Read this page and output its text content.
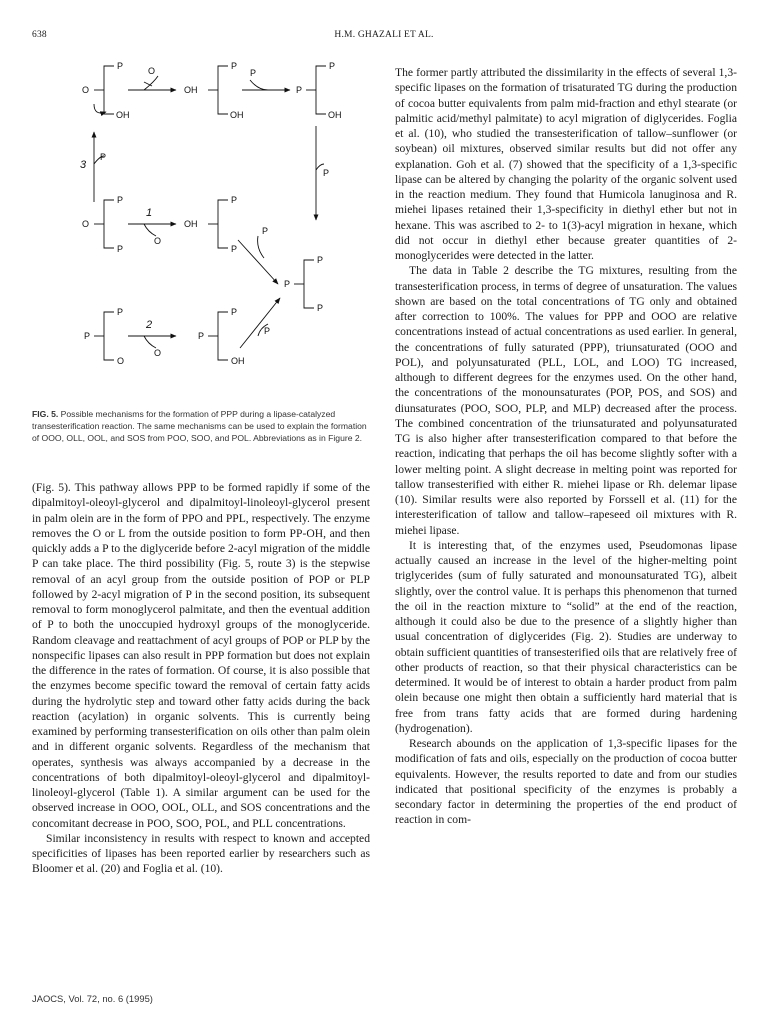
638	H.M. GHAZALI ET AL.
P
O
OH
O	P
OH
OH
P
P
P
OH
3
P
P
P
O
P
1
O
P
OH
P
P
P
P
P
P
P
O
2
O
P
P
OH
P
FIG. 5. Possible mechanisms for the formation of PPP during a lipase-catalyzed transesterification reaction. The same mechanisms can be used to explain the formation of OOO, OLL, OOL, and SOS from POO, SOO, and POL. Abbreviations as in Figure 2.

(Fig. 5). This pathway allows PPP to be formed rapidly if some of the dipalmitoyl-oleoyl-glycerol and dipalmitoyl-linoleoyl-glycerol present in palm olein are in the form of PPO and PPL, respectively. The enzyme removes the O or L from the outside position to form PP-OH, and then quickly adds a P to the diglyceride before 2-acyl migration of the middle P can take place. The third possibility (Fig. 5, route 3) is the stepwise removal of an acyl group from the outside position of POP or PLP followed by 2-acyl migration of P in the second position, its subsequent removal to form monoglycerol palmitate, and then the eventual addition of P to both the unoccupied hydroxyl groups of the monoglyceride. Random cleavage and reattachment of acyl groups of POP or PLP by the nonspecific lipases can also result in PPP formation but does not explain the difference in the rates of formation. Of course, it is also possible that the enzymes become specific toward the removal of certain fatty acids during the hydrolytic step and toward other fatty acids during the back reaction (acylation) in organic solvents. This is currently being examined by performing transesterification on oils other than palm olein and in different organic solvents. Regardless of the mechanism that operates, synthesis was always accompanied by a decrease in the concentrations of both dipalmitoyl-oleoyl-glycerol and dipalmitoyl-linoleoyl-glycerol (Table 1). A similar argument can be used for the observed increase in OOO, OOL, OLL, and SOS concentrations and the concomitant decrease in POO, SOO, POL, and PLL concentrations.

Similar inconsistency in results with respect to known and accepted specificities of lipases has been reported earlier by researchers such as Bloomer et al. (20) and Foglia et al. (10).

The former partly attributed the dissimilarity in the effects of several 1,3-specific lipases on the formation of trisaturated TG during the production of cocoa butter equivalents from palm mid-fraction and ethyl stearate (or palmitic acid/methyl palmitate) to acyl migration of diglycerides. Foglia et al. (10), who studied the transesterification of tallow–sunflower (or soybean) oil mixtures, observed similar results but did not offer any explanation. Goh et al. (7) showed that the specificity of a 1,3-specific lipase can be altered by changing the polarity of the organic solvent used in the reaction medium. They found that Humicola lanuginosa and R. miehei lipases retained their 1,3-specificity in diethyl ether but not in hexane. This was ascribed to 2- to 1(3)-acyl migration in hexane, which did not occur in diethyl ether because greater quantities of 2-monoglycerides were detected in the latter.

The data in Table 2 describe the TG mixtures, resulting from the transesterification process, in terms of degree of unsaturation. The values shown are based on the total concentrations of TG only and obtained after correction to 100%. The values for PPP and OOO are relative concentrations instead of actual concentrations as used earlier. In general, the concentrations of fully saturated (PPP), triunsaturated (OOO and POL), and polyunsaturated (PLL, LOL, and LOO) TG increased, although to different degrees for the enzymes used. On the other hand, the concentrations of the monounsaturates (POP, POS, and SOS) and diunsaturates (POO, SOO, PLP, and MLP) decreased after the process. The combined concentration of the triunsaturated and polyunsaturated TG is also higher after transesterification compared to that before the reaction, indicating that perhaps the oil has become slightly softer with a lower melting point. A slight decrease in melting point was reported for tallow transesterified with either R. miehei lipase or Rh. delemar lipase (10). Similar results were also reported by Forssell et al. (11) for the interesterification of tallow and tallow–rapeseed oil mixtures with R. miehei lipase.

It is interesting that, of the enzymes used, Pseudomonas lipase actually caused an increase in the level of the higher-melting point triglycerides (sum of fully saturated and monounsaturated TG), albeit slightly, over the control value. It is perhaps this phenomenon that turned the oil in the reaction mixture to “solid” at the end of the reaction, although it could also be due to the presence of a slightly higher than usual concentration of diglycerides (Fig. 2). Studies are underway to obtain sufficient quantities of transesterified oils that are relatively free of other products of reaction, so that their physical characteristics can be determined. It would be of interest to obtain a harder product from palm olein because one might then obtain a sufficiently hard material that is free from trans fatty acids that are formed during hardening (hydrogenation).

Research abounds on the application of 1,3-specific lipases for the modification of fats and oils, especially on the production of cocoa butter equivalents. However, the results reported to date and from our studies indicated that positional specificity of the enzymes is probably a secondary factor in determining the properties of the end product of reaction in com-

JAOCS, Vol. 72, no. 6 (1995)
